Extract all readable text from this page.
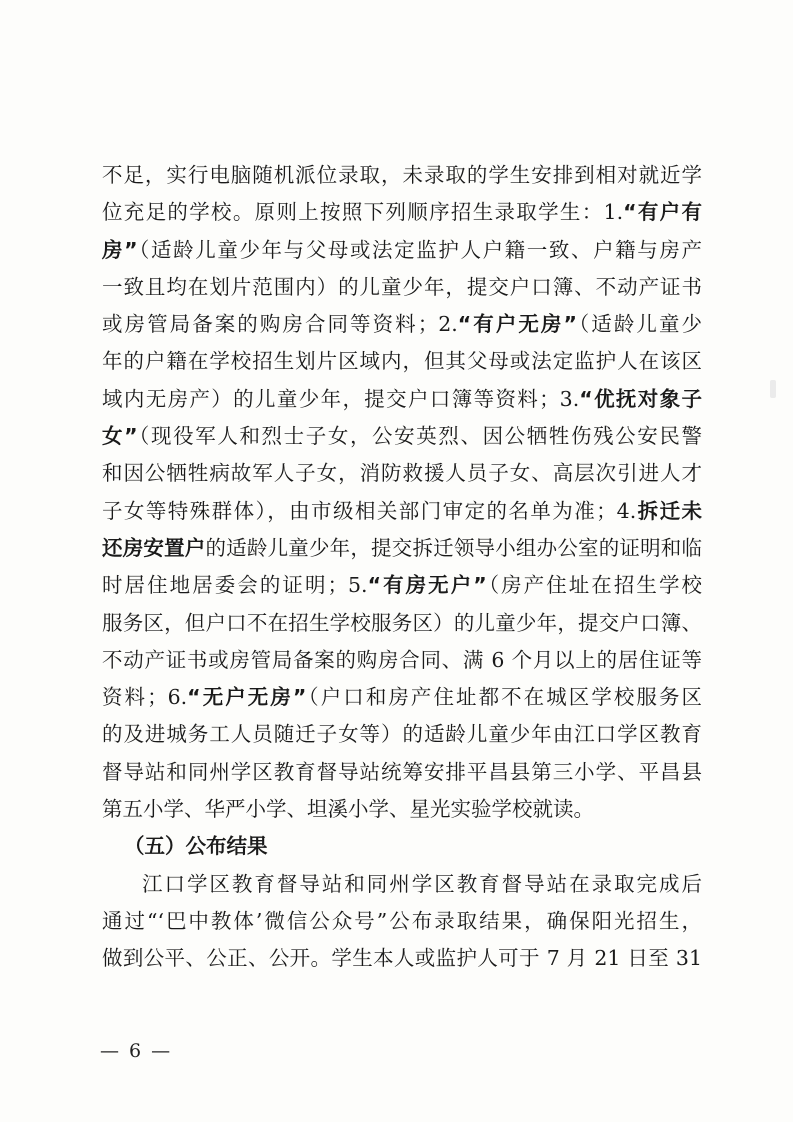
不足，实行电脑随机派位录取，未录取的学生安排到相对就近学
位充足的学校。原则上按照下列顺序招生录取学生：1.“有户有
房”（适龄儿童少年与父母或法定监护人户籍一致、户籍与房产
一致且均在划片范围内）的儿童少年，提交户口簿、不动产证书
或房管局备案的购房合同等资料；2.“有户无房”（适龄儿童少
年的户籍在学校招生划片区域内，但其父母或法定监护人在该区
域内无房产）的儿童少年，提交户口簿等资料；3.“优抚对象子
女”（现役军人和烈士子女，公安英烈、因公牺牲伤残公安民警
和因公牺牲病故军人子女，消防救援人员子女、高层次引进人才
子女等特殊群体），由市级相关部门审定的名单为准；4.拆迁未
还房安置户的适龄儿童少年，提交拆迁领导小组办公室的证明和临
时居住地居委会的证明；5.“有房无户”（房产住址在招生学校
服务区，但户口不在招生学校服务区）的儿童少年，提交户口簿、
不动产证书或房管局备案的购房合同、满 6 个月以上的居住证等
资料；6.“无户无房”（户口和房产住址都不在城区学校服务区
的及进城务工人员随迁子女等）的适龄儿童少年由江口学区教育
督导站和同州学区教育督导站统筹安排平昌县第三小学、平昌县
第五小学、华严小学、坦溪小学、星光实验学校就读。
（五）公布结果
江口学区教育督导站和同州学区教育督导站在录取完成后
通过“‘巴中教体’微信公众号”公布录取结果，确保阳光招生，
做到公平、公正、公开。学生本人或监护人可于 7 月 21 日至 31
— 6 —
